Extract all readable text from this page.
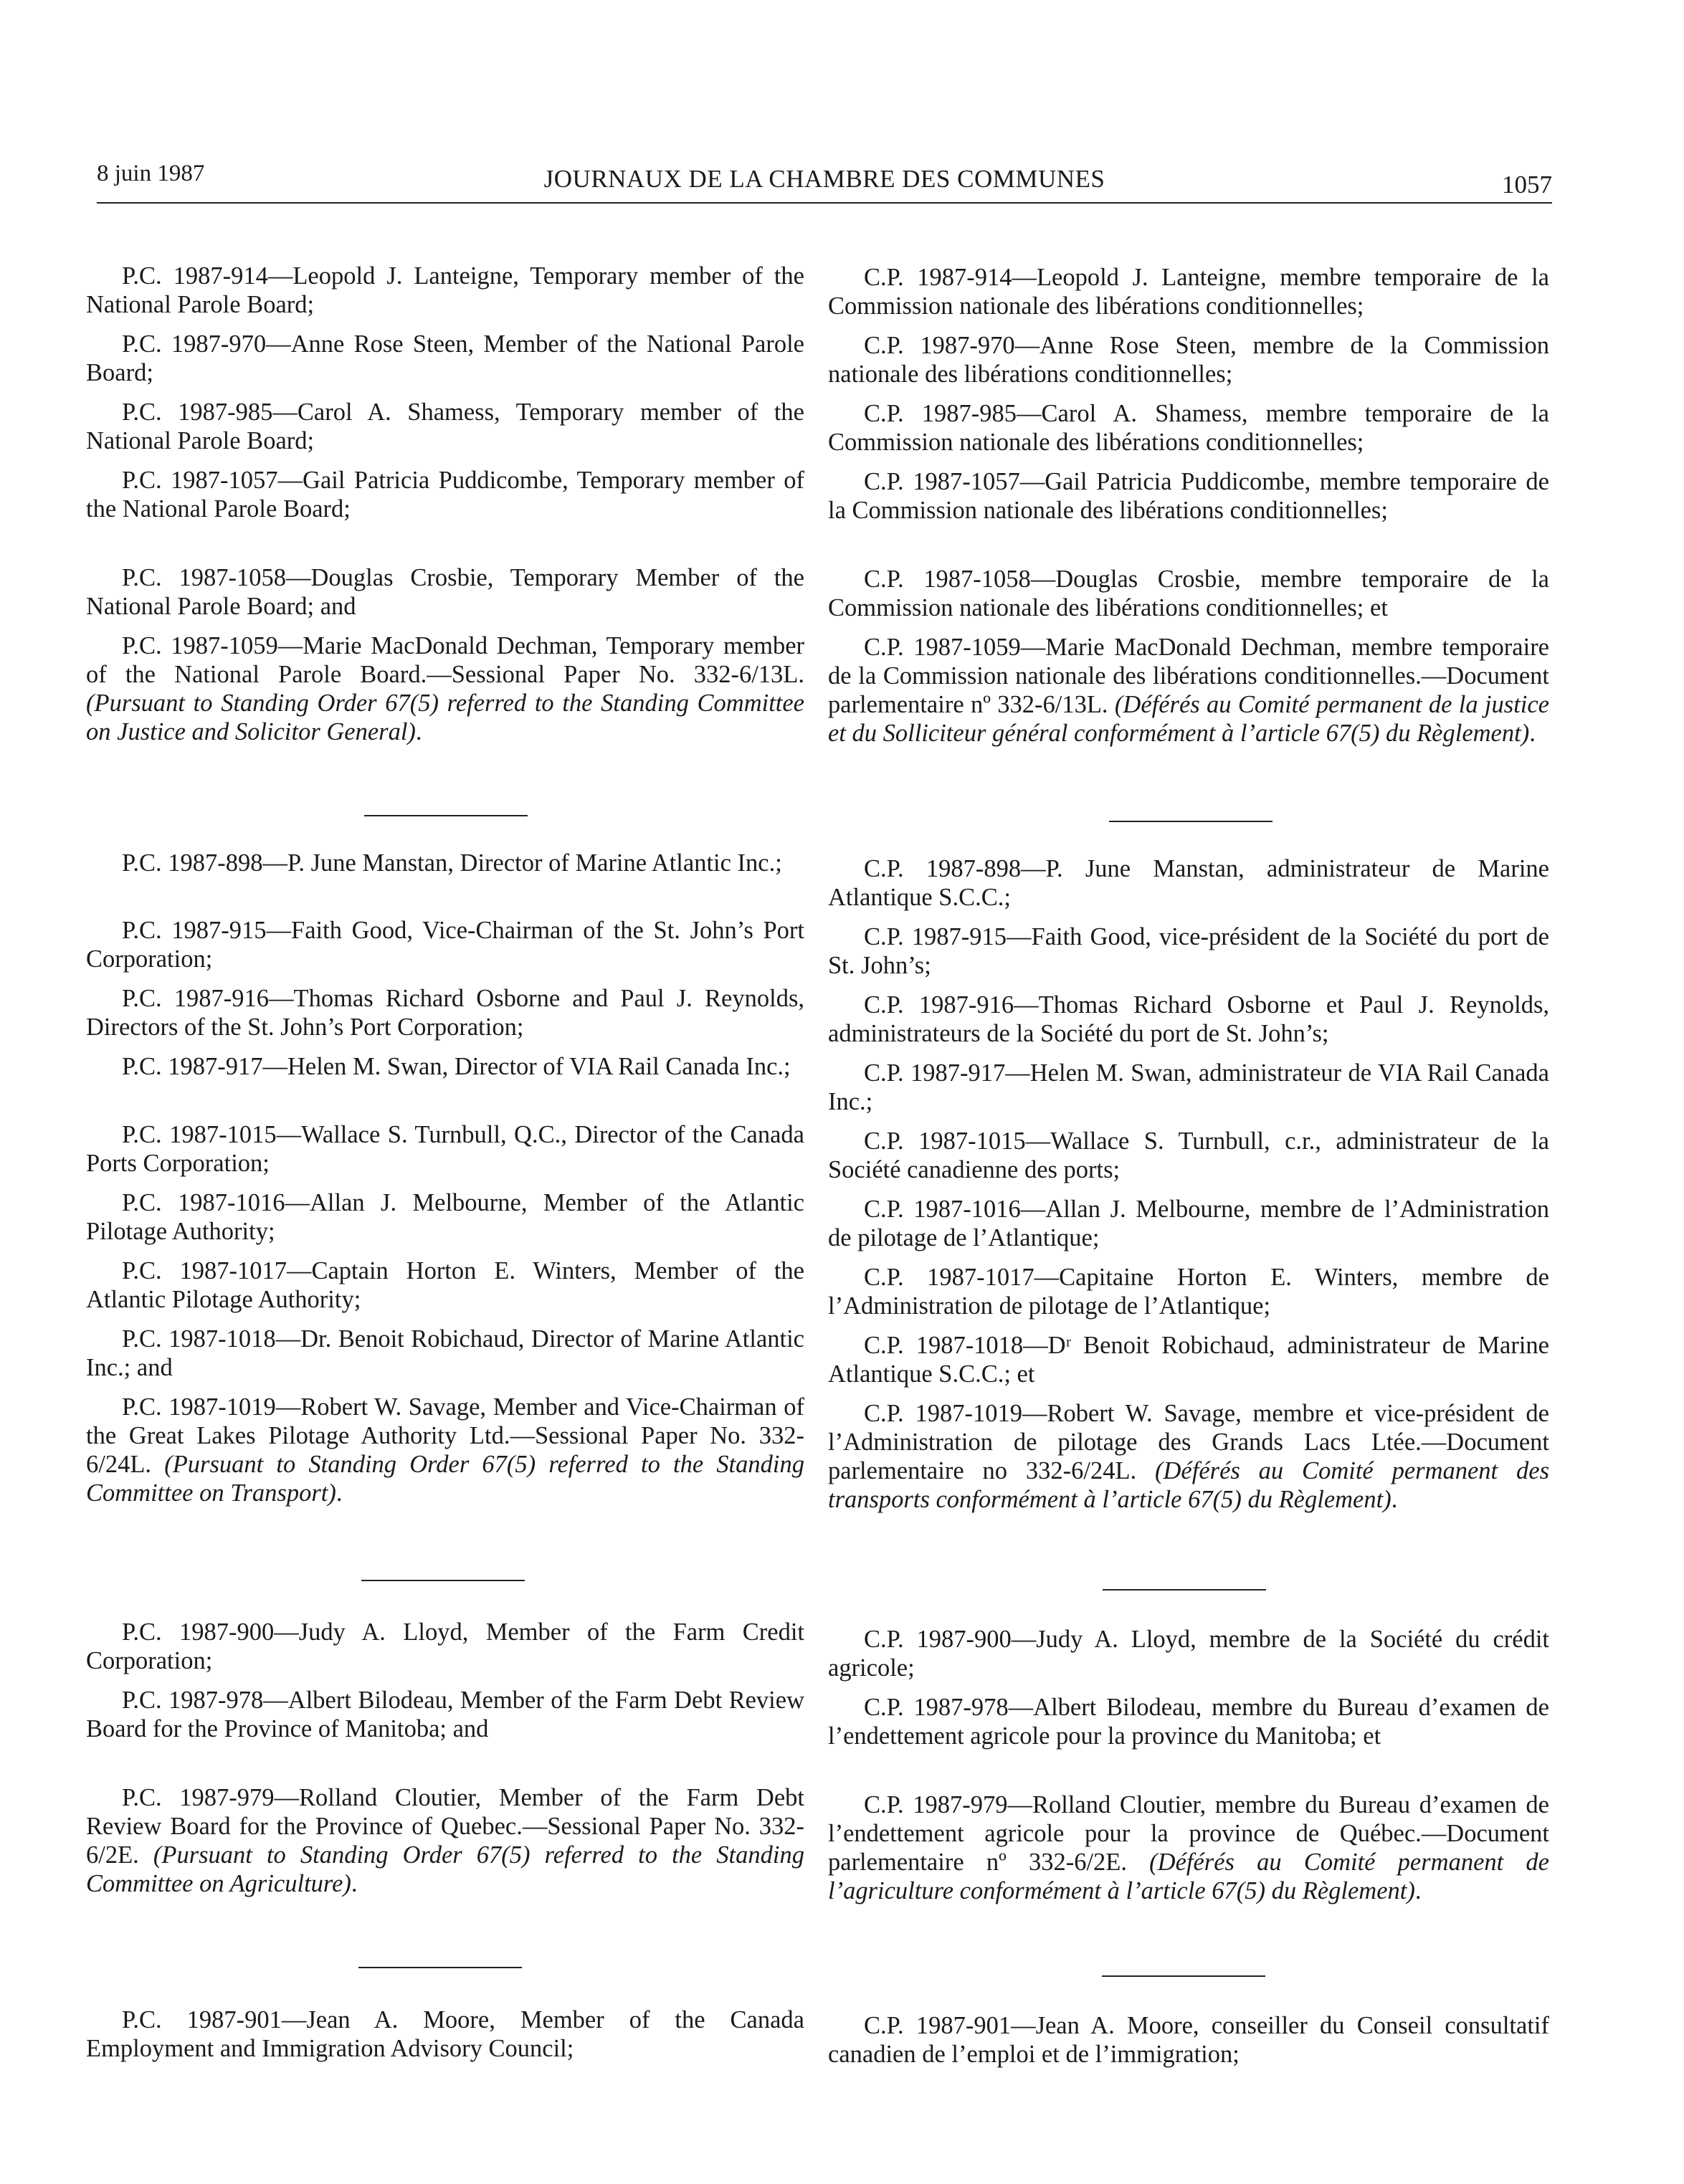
8 juin 1987	JOURNAUX DE LA CHAMBRE DES COMMUNES	1057

P.C. 1987-914—Leopold J. Lanteigne, Temporary member of the National Parole Board;

P.C. 1987-970—Anne Rose Steen, Member of the National Parole Board;

P.C. 1987-985—Carol A. Shamess, Temporary member of the National Parole Board;

P.C. 1987-1057—Gail Patricia Puddicombe, Temporary member of the National Parole Board;

P.C. 1987-1058—Douglas Crosbie, Temporary Member of the National Parole Board; and

P.C. 1987-1059—Marie MacDonald Dechman, Temporary member of the National Parole Board.—Sessional Paper No. 332-6/13L. (Pursuant to Standing Order 67(5) referred to the Standing Committee on Justice and Solicitor General).

P.C. 1987-898—P. June Manstan, Director of Marine Atlantic Inc.;

P.C. 1987-915—Faith Good, Vice-Chairman of the St. John’s Port Corporation;

P.C. 1987-916—Thomas Richard Osborne and Paul J. Reynolds, Directors of the St. John’s Port Corporation;

P.C. 1987-917—Helen M. Swan, Director of VIA Rail Canada Inc.;

P.C. 1987-1015—Wallace S. Turnbull, Q.C., Director of the Canada Ports Corporation;

P.C. 1987-1016—Allan J. Melbourne, Member of the Atlantic Pilotage Authority;

P.C. 1987-1017—Captain Horton E. Winters, Member of the Atlantic Pilotage Authority;

P.C. 1987-1018—Dr. Benoit Robichaud, Director of Marine Atlantic Inc.; and

P.C. 1987-1019—Robert W. Savage, Member and Vice-Chairman of the Great Lakes Pilotage Authority Ltd.—Sessional Paper No. 332-6/24L. (Pursuant to Standing Order 67(5) referred to the Standing Committee on Transport).

P.C. 1987-900—Judy A. Lloyd, Member of the Farm Credit Corporation;

P.C. 1987-978—Albert Bilodeau, Member of the Farm Debt Review Board for the Province of Manitoba; and

P.C. 1987-979—Rolland Cloutier, Member of the Farm Debt Review Board for the Province of Quebec.—Sessional Paper No. 332-6/2E. (Pursuant to Standing Order 67(5) referred to the Standing Committee on Agriculture).

P.C. 1987-901—Jean A. Moore, Member of the Canada Employment and Immigration Advisory Council;

C.P. 1987-914—Leopold J. Lanteigne, membre temporaire de la Commission nationale des libérations conditionnelles;

C.P. 1987-970—Anne Rose Steen, membre de la Commission nationale des libérations conditionnelles;

C.P. 1987-985—Carol A. Shamess, membre temporaire de la Commission nationale des libérations conditionnelles;

C.P. 1987-1057—Gail Patricia Puddicombe, membre temporaire de la Commission nationale des libérations conditionnelles;

C.P. 1987-1058—Douglas Crosbie, membre temporaire de la Commission nationale des libérations conditionnelles; et

C.P. 1987-1059—Marie MacDonald Dechman, membre temporaire de la Commission nationale des libérations conditionnelles.—Document parlementaire nº 332-6/13L. (Déférés au Comité permanent de la justice et du Solliciteur général conformément à l’article 67(5) du Règlement).

C.P. 1987-898—P. June Manstan, administrateur de Marine Atlantique S.C.C.;

C.P. 1987-915—Faith Good, vice-président de la Société du port de St. John’s;

C.P. 1987-916—Thomas Richard Osborne et Paul J. Reynolds, administrateurs de la Société du port de St. John’s;

C.P. 1987-917—Helen M. Swan, administrateur de VIA Rail Canada Inc.;

C.P. 1987-1015—Wallace S. Turnbull, c.r., administrateur de la Société canadienne des ports;

C.P. 1987-1016—Allan J. Melbourne, membre de l’Administration de pilotage de l’Atlantique;

C.P. 1987-1017—Capitaine Horton E. Winters, membre de l’Administration de pilotage de l’Atlantique;

C.P. 1987-1018—Dʳ Benoit Robichaud, administrateur de Marine Atlantique S.C.C.; et

C.P. 1987-1019—Robert W. Savage, membre et vice-président de l’Administration de pilotage des Grands Lacs Ltée.—Document parlementaire no 332-6/24L. (Déférés au Comité permanent des transports conformément à l’article 67(5) du Règlement).

C.P. 1987-900—Judy A. Lloyd, membre de la Société du crédit agricole;

C.P. 1987-978—Albert Bilodeau, membre du Bureau d’examen de l’endettement agricole pour la province du Manitoba; et

C.P. 1987-979—Rolland Cloutier, membre du Bureau d’examen de l’endettement agricole pour la province de Québec.—Document parlementaire nº 332-6/2E. (Déférés au Comité permanent de l’agriculture conformément à l’article 67(5) du Règlement).

C.P. 1987-901—Jean A. Moore, conseiller du Conseil consultatif canadien de l’emploi et de l’immigration;
